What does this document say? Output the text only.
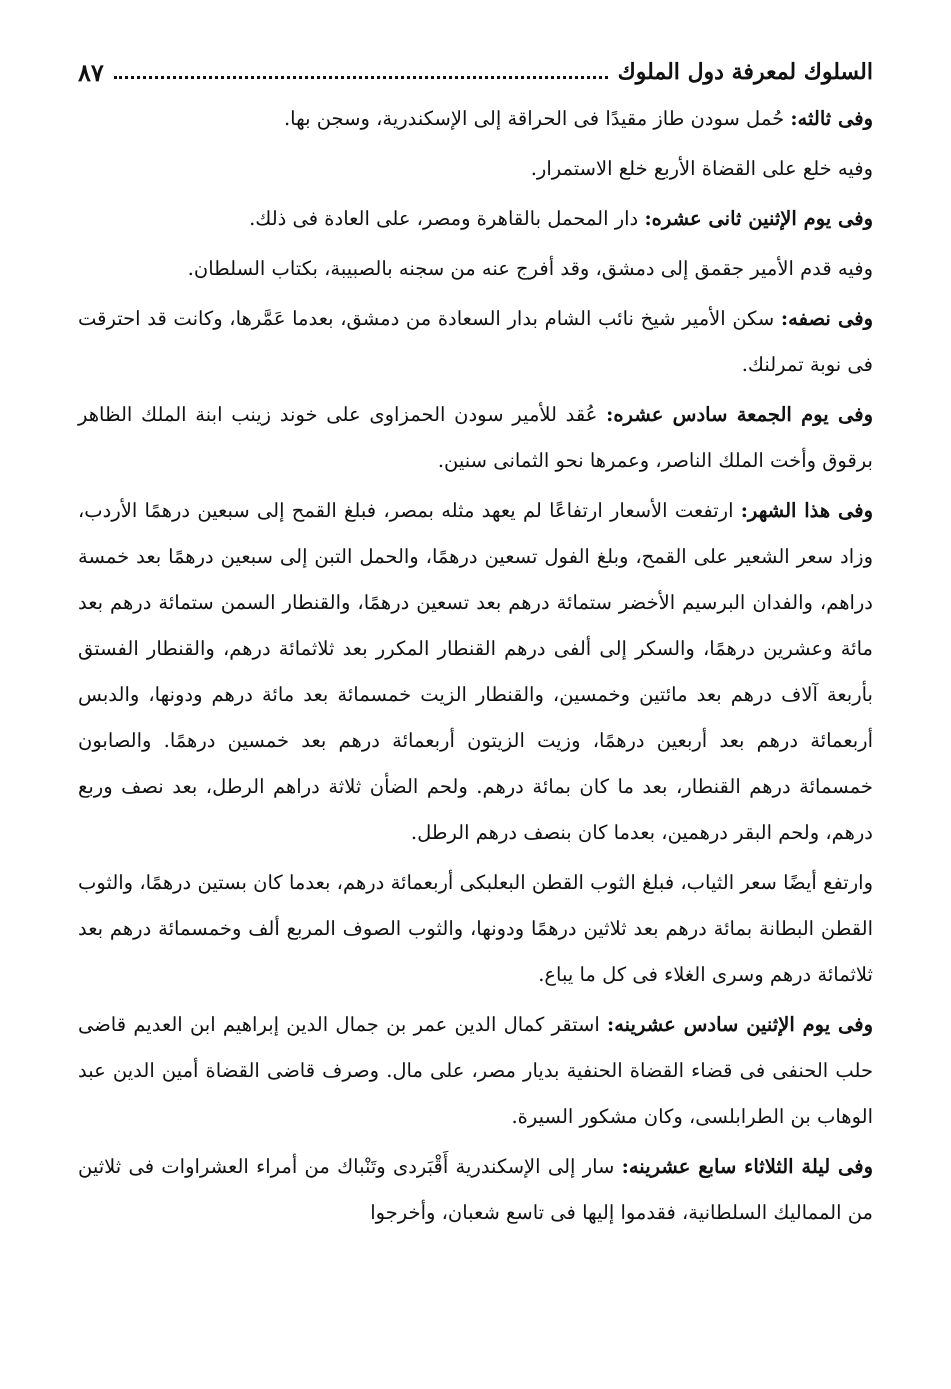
السلوك لمعرفة دول الملوك
٨٧

وفى ثالثه: حُمل سودن طاز مقيدًا فى الحراقة إلى الإسكندرية، وسجن بها.

وفيه خلع على القضاة الأربع خلع الاستمرار.

وفى يوم الإثنين ثانى عشره: دار المحمل بالقاهرة ومصر، على العادة فى ذلك.

وفيه قدم الأمير جقمق إلى دمشق، وقد أفرج عنه من سجنه بالصبيبة، بكتاب السلطان.

وفى نصفه: سكن الأمير شيخ نائب الشام بدار السعادة من دمشق، بعدما عَمَّرها، وكانت قد احترقت فى نوبة تمرلنك.

وفى يوم الجمعة سادس عشره: عُقد للأمير سودن الحمزاوى على خوند زينب ابنة الملك الظاهر برقوق وأخت الملك الناصر، وعمرها نحو الثمانى سنين.

وفى هذا الشهر: ارتفعت الأسعار ارتفاعًا لم يعهد مثله بمصر، فبلغ القمح إلى سبعين درهمًا الأردب، وزاد سعر الشعير على القمح، وبلغ الفول تسعين درهمًا، والحمل التبن إلى سبعين درهمًا بعد خمسة دراهم، والفدان البرسيم الأخضر ستمائة درهم بعد تسعين درهمًا، والقنطار السمن ستمائة درهم بعد مائة وعشرين درهمًا، والسكر إلى ألفى درهم القنطار المكرر بعد ثلاثمائة درهم، والقنطار الفستق بأربعة آلاف درهم بعد مائتين وخمسين، والقنطار الزيت خمسمائة بعد مائة درهم ودونها، والدبس أربعمائة درهم بعد أربعين درهمًا، وزيت الزيتون أربعمائة درهم بعد خمسين درهمًا. والصابون خمسمائة درهم القنطار، بعد ما كان بمائة درهم. ولحم الضأن ثلاثة دراهم الرطل، بعد نصف وربع درهم، ولحم البقر درهمين، بعدما كان بنصف درهم الرطل.

وارتفع أيضًا سعر الثياب، فبلغ الثوب القطن البعلبكى أربعمائة درهم، بعدما كان بستين درهمًا، والثوب القطن البطانة بمائة درهم بعد ثلاثين درهمًا ودونها، والثوب الصوف المربع ألف وخمسمائة درهم بعد ثلاثمائة درهم وسرى الغلاء فى كل ما يباع.

وفى يوم الإثنين سادس عشرينه: استقر كمال الدين عمر بن جمال الدين إبراهيم ابن العديم قاضى حلب الحنفى فى قضاء القضاة الحنفية بديار مصر، على مال. وصرف قاضى القضاة أمين الدين عبد الوهاب بن الطرابلسى، وكان مشكور السيرة.

وفى ليلة الثلاثاء سابع عشرينه: سار إلى الإسكندرية أَقْبَردى وتَنْباك من أمراء العشراوات فى ثلاثين من المماليك السلطانية، فقدموا إليها فى تاسع شعبان، وأخرجوا
